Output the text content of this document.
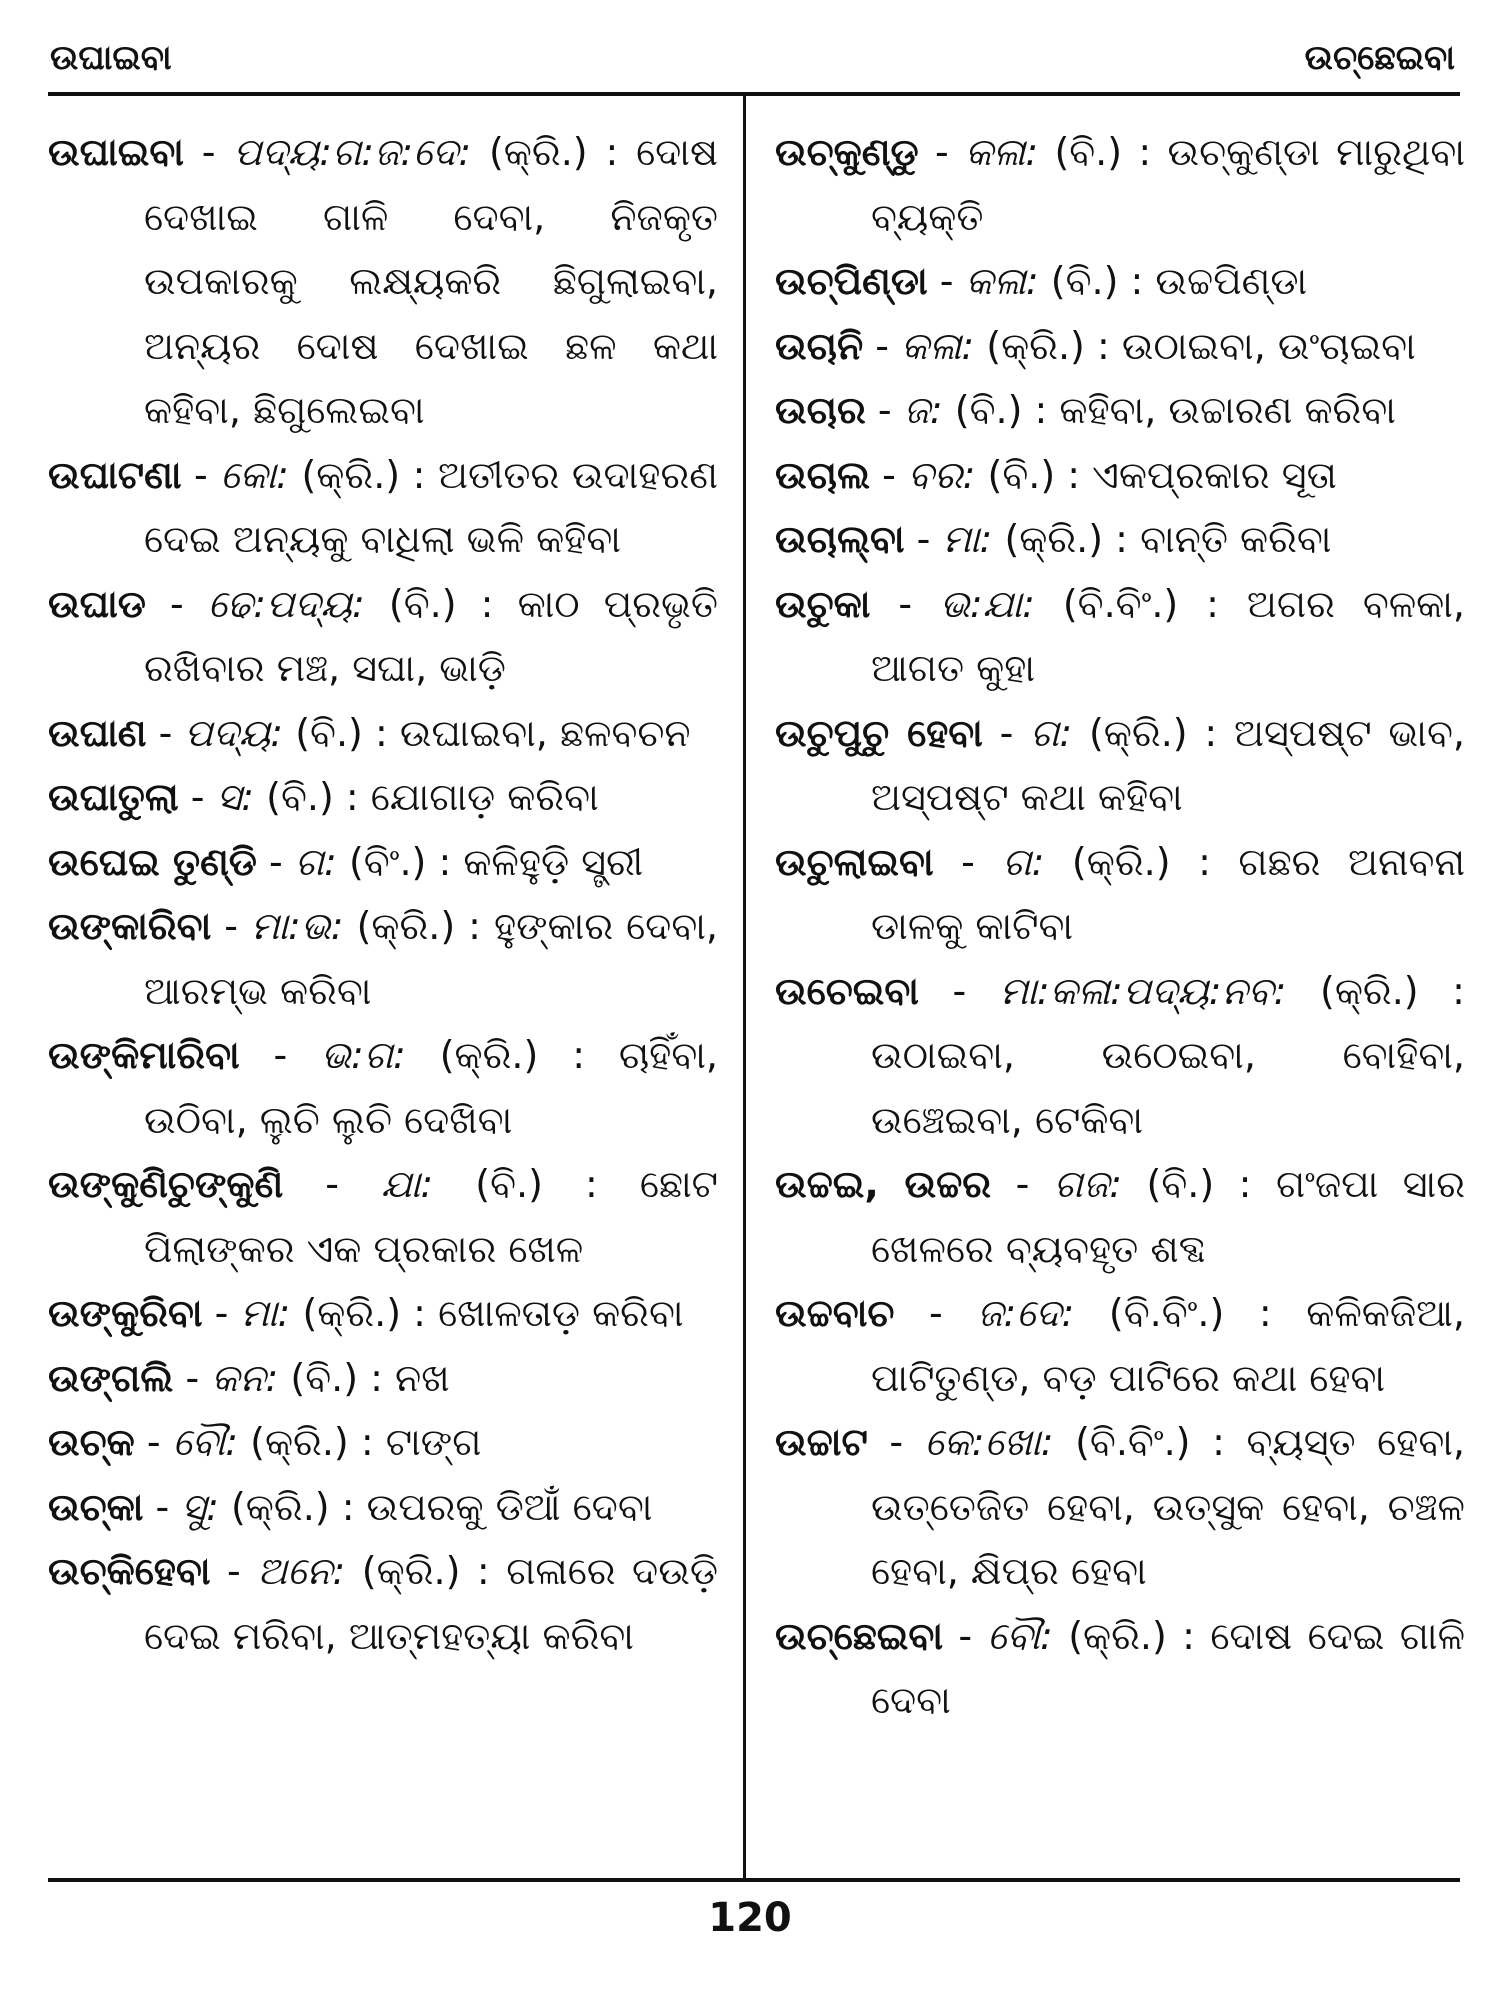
ଉଘାଇବା	ଉଚ୍ଛେଇବା

ଉଘାଇବା - ପଦ୍ୟ:ଗ:ଜ:ଦେ: (କ୍ରି.) : ଦୋଷ ଦେଖାଇ ଗାଳି ଦେବା, ନିଜକୃତ ଉପକାରକୁ ଲକ୍ଷ୍ୟକରି ଛିଗୁଲାଇବା, ଅନ୍ୟର ଦୋଷ ଦେଖାଇ ଛଳ କଥା କହିବା, ଛିଗୁଲେଇବା

ଉଘାଟଣା - କୋ: (କ୍ରି.) : ଅତୀତର ଉଦାହରଣ ଦେଇ ଅନ୍ୟକୁ ବାଧିଲା ଭଳି କହିବା

ଉଘାଡ - ଢେ:ପଦ୍ୟ: (ବି.) : କାଠ ପ୍ରଭୃତି ରଖିବାର ମଞ୍ଚ, ସଘା, ଭାଡ଼ି

ଉଘାଣ - ପଦ୍ୟ: (ବି.) : ଉଘାଇବା, ଛଳବଚନ

ଉଘାତୁଲା - ସ: (ବି.) : ଯୋଗାଡ଼ କରିବା

ଉଘେଇ ତୁଣ୍ଡି - ଗ: (ବିଂ.) : କଳିହୁଡ଼ି ସ୍ତ୍ରୀ

ଉଙ୍କାରିବା - ମା:ଭ: (କ୍ରି.) : ହୁଙ୍କାର ଦେବା, ଆରମ୍ଭ କରିବା

ଉଙ୍କିମାରିବା - ଭ:ଗ: (କ୍ରି.) : ଚାହିଁବା, ଉଠିବା, ଲୁଚି ଲୁଚି ଦେଖିବା

ଉଙ୍କୁଣିଚୁଙ୍କୁଣି - ଯା: (ବି.) : ଛୋଟ ପିଲାଙ୍କର ଏକ ପ୍ରକାର ଖେଳ

ଉଙ୍କୁରିବା - ମା: (କ୍ରି.) : ଖୋଳତାଡ଼ କରିବା

ଉଙ୍ଗଲି - କନ: (ବି.) : ନଖ

ଉଚ୍କ - ବୌ: (କ୍ରି.) : ଟାଙ୍ଗ

ଉଚ୍କା - ସୁ: (କ୍ରି.) : ଉପରକୁ ଡିଆଁ ଦେବା

ଉଚ୍କିହେବା - ଅନେ: (କ୍ରି.) : ଗଳାରେ ଦଉଡ଼ି ଦେଇ ମରିବା, ଆତ୍ମହତ୍ୟା କରିବା

ଉଚ୍କୁଣ୍ଡୁ - କଳା: (ବି.) : ଉଚ୍କୁଣ୍ଡା ମାରୁଥିବା ବ୍ୟକ୍ତି

ଉଚ୍ପିଣ୍ଡା - କଳା: (ବି.) : ଉଚ୍ଚପିଣ୍ଡା

ଉଚାନି - କଳା: (କ୍ରି.) : ଉଠାଇବା, ଉଂଚାଇବା

ଉଚାର - ଜ: (ବି.) : କହିବା, ଉଚ୍ଚାରଣ କରିବା

ଉଚାଲ - ବର: (ବି.) : ଏକପ୍ରକାର ସୂତା

ଉଚାଲ୍ବା - ମା: (କ୍ରି.) : ବାନ୍ତି କରିବା

ଉଚୁକା - ଭ:ଯା: (ବି.ବିଂ.) : ଅଗର ବଳକା, ଆଗତ କୁହା

ଉଚୁପୁଚୁ ହେବା - ଗ: (କ୍ରି.) : ଅସ୍ପଷ୍ଟ ଭାବ, ଅସ୍ପଷ୍ଟ କଥା କହିବା

ଉଚୁଲାଇବା - ଗ: (କ୍ରି.) : ଗଛର ଅନାବନା ଡାଳକୁ କାଟିବା

ଉଚେଇବା - ମା:କଳା:ପଦ୍ୟ:ନବ: (କ୍ରି.) : ଉଠାଇବା, ଉଠେଇବା, ବୋହିବା, ଉଞ୍ଚେଇବା, ଟେକିବା

ଉଚ୍ଚଇ, ଉଚ୍ଚର - ଗଜ: (ବି.) : ଗଂଜପା ସାର ଖେଳରେ ବ୍ୟବହୃତ ଶବ୍ଦ

ଉଚ୍ଚବାଚ - ଜ:ଦେ: (ବି.ବିଂ.) : କଳିକଜିଆ, ପାଟିତୁଣ୍ଡ, ବଡ଼ ପାଟିରେ କଥା ହେବା

ଉଚ୍ଚାଟ - କେ:ଖୋ: (ବି.ବିଂ.) : ବ୍ୟସ୍ତ ହେବା, ଉତ୍ତେଜିତ ହେବା, ଉତ୍ସୁକ ହେବା, ଚଞ୍ଚଳ ହେବା, କ୍ଷିପ୍ର ହେବା

ଉଚ୍ଛେଇବା - ବୌ: (କ୍ରି.) : ଦୋଷ ଦେଇ ଗାଳି ଦେବା

120
